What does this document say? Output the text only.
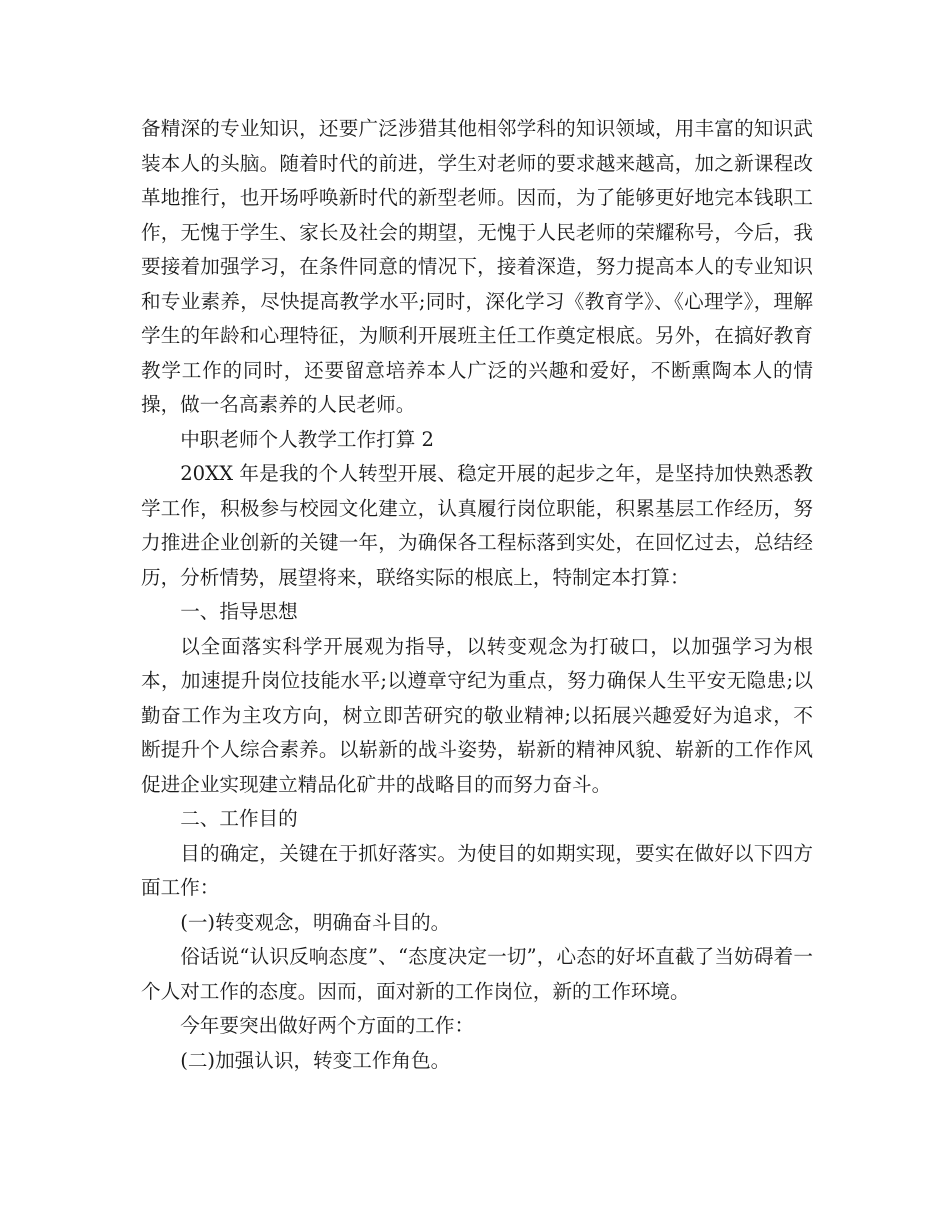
备精深的专业知识，还要广泛涉猎其他相邻学科的知识领域，用丰富的知识武装本人的头脑。随着时代的前进，学生对老师的要求越来越高，加之新课程改革地推行，也开场呼唤新时代的新型老师。因而，为了能够更好地完本钱职工作，无愧于学生、家长及社会的期望，无愧于人民老师的荣耀称号，今后，我要接着加强学习，在条件同意的情况下，接着深造，努力提高本人的专业知识和专业素养，尽快提高教学水平;同时，深化学习《教育学》、《心理学》，理解学生的年龄和心理特征，为顺利开展班主任工作奠定根底。另外，在搞好教育教学工作的同时，还要留意培养本人广泛的兴趣和爱好，不断熏陶本人的情操，做一名高素养的人民老师。

中职老师个人教学工作打算 2

20XX 年是我的个人转型开展、稳定开展的起步之年，是坚持加快熟悉教学工作，积极参与校园文化建立，认真履行岗位职能，积累基层工作经历，努力推进企业创新的关键一年，为确保各工程标落到实处，在回忆过去，总结经历，分析情势，展望将来，联络实际的根底上，特制定本打算：

一、指导思想

以全面落实科学开展观为指导，以转变观念为打破口，以加强学习为根本，加速提升岗位技能水平;以遵章守纪为重点，努力确保人生平安无隐患;以勤奋工作为主攻方向，树立即苦研究的敬业精神;以拓展兴趣爱好为追求，不断提升个人综合素养。以崭新的战斗姿势，崭新的精神风貌、崭新的工作作风促进企业实现建立精品化矿井的战略目的而努力奋斗。

二、工作目的

目的确定，关键在于抓好落实。为使目的如期实现，要实在做好以下四方面工作：

(一)转变观念，明确奋斗目的。

俗话说“认识反响态度”、“态度决定一切”，心态的好坏直截了当妨碍着一个人对工作的态度。因而，面对新的工作岗位，新的工作环境。

今年要突出做好两个方面的工作：

(二)加强认识，转变工作角色。
